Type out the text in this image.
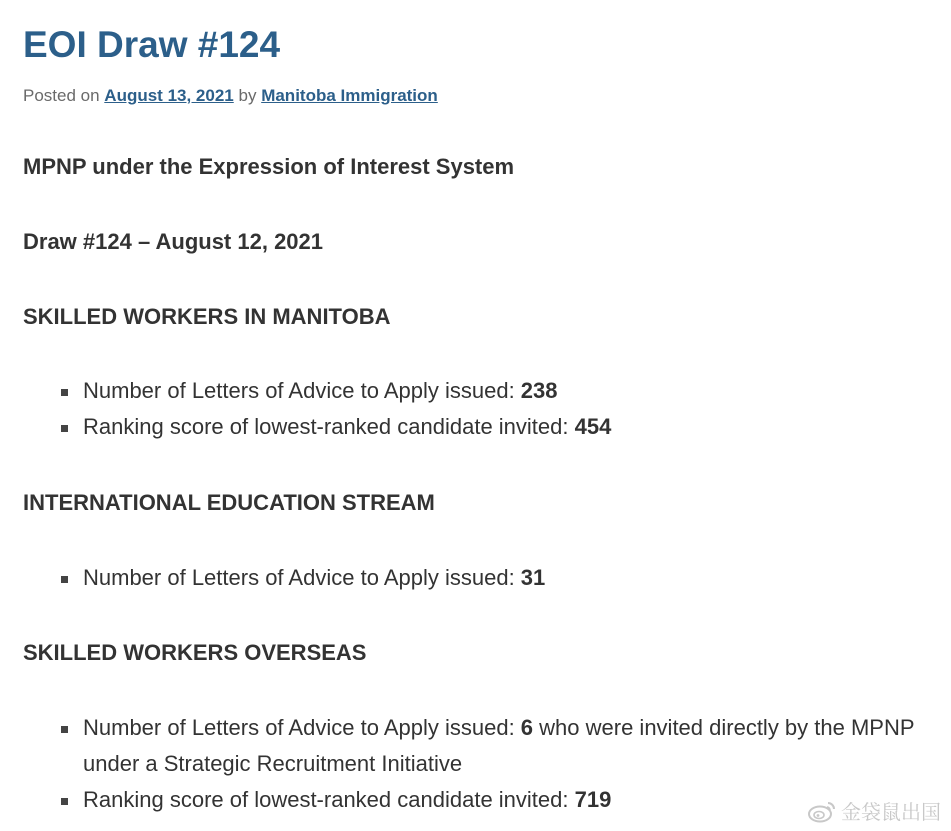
EOI Draw #124
Posted on August 13, 2021 by Manitoba Immigration
MPNP under the Expression of Interest System
Draw #124 – August 12, 2021
SKILLED WORKERS IN MANITOBA
Number of Letters of Advice to Apply issued: 238
Ranking score of lowest-ranked candidate invited: 454
INTERNATIONAL EDUCATION STREAM
Number of Letters of Advice to Apply issued: 31
SKILLED WORKERS OVERSEAS
Number of Letters of Advice to Apply issued: 6 who were invited directly by the MPNP under a Strategic Recruitment Initiative
Ranking score of lowest-ranked candidate invited: 719
金袋鼠出国
